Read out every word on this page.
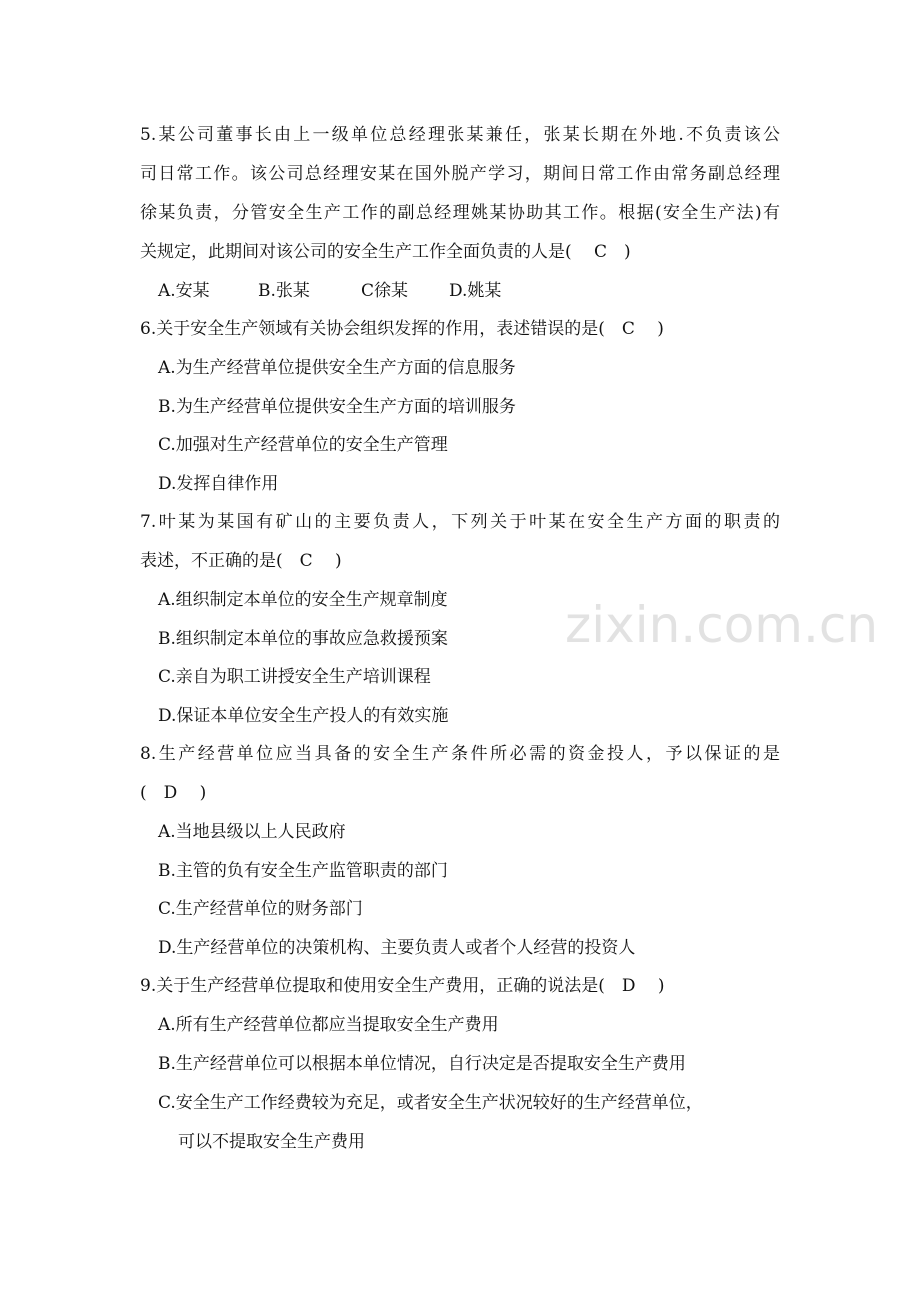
zixin.com.cn
5.某公司董事长由上一级单位总经理张某兼任，张某长期在外地.不负责该公
司日常工作。该公司总经理安某在国外脱产学习，期间日常工作由常务副总经理
徐某负责，分管安全生产工作的副总经理姚某协助其工作。根据(安全生产法)有
关规定，此期间对该公司的安全生产工作全面负责的人是(　 C　)
A.安某	B.张某	C徐某 D.姚某
6.关于安全生产领域有关协会组织发挥的作用，表述错误的是(　C　 )
A.为生产经营单位提供安全生产方面的信息服务
B.为生产经营单位提供安全生产方面的培训服务
C.加强对生产经营单位的安全生产管理
D.发挥自律作用
7.叶某为某国有矿山的主要负责人，下列关于叶某在安全生产方面的职责的
表述，不正确的是(　C　 )
A.组织制定本单位的安全生产规章制度
B.组织制定本单位的事故应急救援预案
C.亲自为职工讲授安全生产培训课程
D.保证本单位安全生产投人的有效实施
8.生产经营单位应当具备的安全生产条件所必需的资金投人，予以保证的是
(　D　 )
A.当地县级以上人民政府
B.主管的负有安全生产监管职责的部门
C.生产经营单位的财务部门
D.生产经营单位的决策机构、主要负责人或者个人经营的投资人
9.关于生产经营单位提取和使用安全生产费用，正确的说法是(　D　 )
A.所有生产经营单位都应当提取安全生产费用
B.生产经营单位可以根据本单位情况，自行决定是否提取安全生产费用
C.安全生产工作经费较为充足，或者安全生产状况较好的生产经营单位，
可以不提取安全生产费用
